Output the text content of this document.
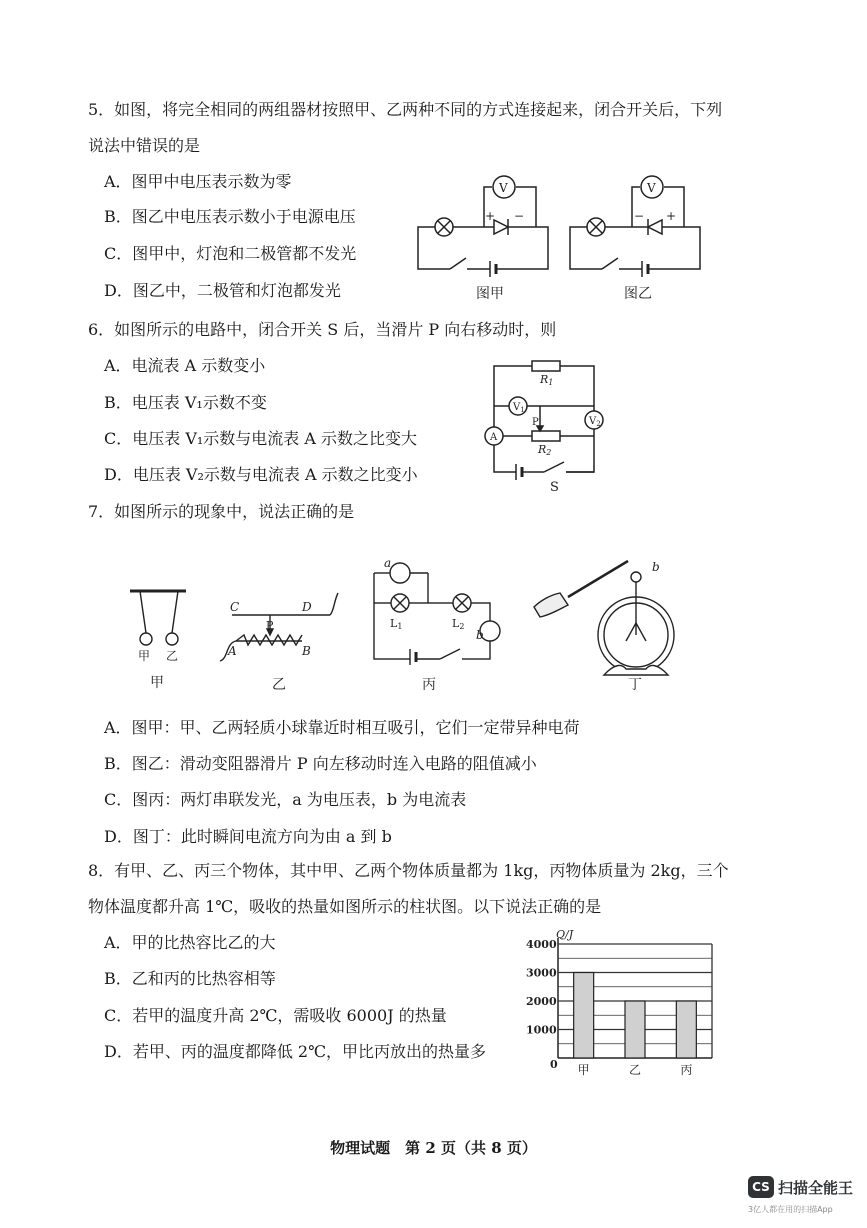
5．如图，将完全相同的两组器材按照甲、乙两种不同的方式连接起来，闭合开关后，下列
说法中错误的是
A．图甲中电压表示数为零
B．图乙中电压表示数小于电源电压
C．图甲中，灯泡和二极管都不发光
D．图乙中，二极管和灯泡都发光
V	V
+ −	− +
图甲	图乙
6．如图所示的电路中，闭合开关 S 后，当滑片 P 向右移动时，则
A．电流表 A 示数变小
B．电压表 V₁示数不变
C．电压表 V₁示数与电流表 A 示数之比变大
D．电压表 V₂示数与电流表 A 示数之比变小
R1
R2
$V_1$
$V_2$
A
P
S
7．如图所示的现象中，说法正确的是
甲 乙
甲
C	D
A	B
a
b
b
P	L1	L2
乙	丙	丁
A．图甲：甲、乙两轻质小球靠近时相互吸引，它们一定带异种电荷
B．图乙：滑动变阻器滑片 P 向左移动时连入电路的阻值减小
C．图丙：两灯串联发光，a 为电压表，b 为电流表
D．图丁：此时瞬间电流方向为由 a 到 b
8．有甲、乙、丙三个物体，其中甲、乙两个物体质量都为 1kg，丙物体质量为 2kg，三个
物体温度都升高 1℃，吸收的热量如图所示的柱状图。以下说法正确的是
A．甲的比热容比乙的大
B．乙和丙的比热容相等
C．若甲的温度升高 2℃，需吸收 6000J 的热量
D．若甲、丙的温度都降低 2℃，甲比丙放出的热量多
0
1000
2000
3000
4000
甲	乙	丙
Q/J
物理试题　第 2 页（共 8 页）
CS 扫描全能王
3亿人都在用的扫描App
